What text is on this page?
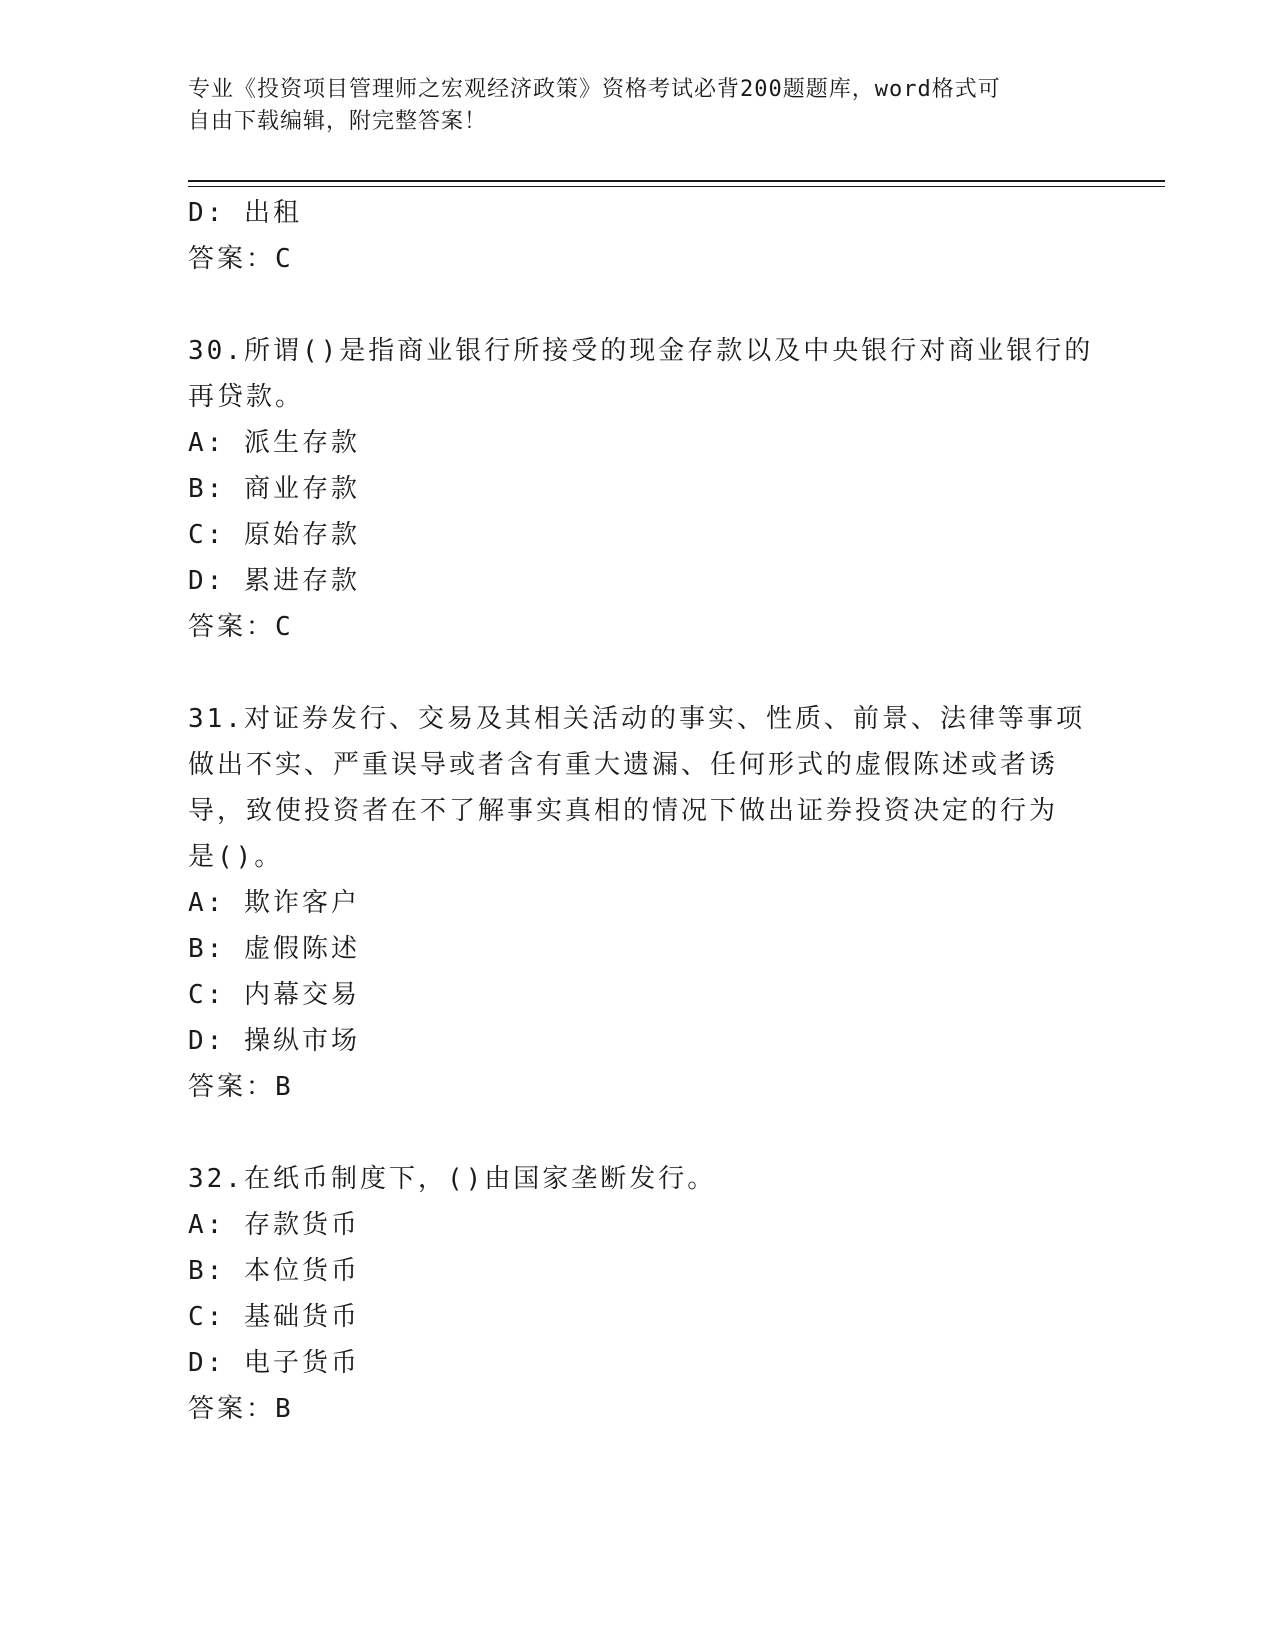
专业《投资项目管理师之宏观经济政策》资格考试必背200题题库，word格式可
自由下载编辑，附完整答案！
D: 出租
答案：C
30.所谓()是指商业银行所接受的现金存款以及中央银行对商业银行的
再贷款。
A: 派生存款
B: 商业存款
C: 原始存款
D: 累进存款
答案：C
31.对证券发行、交易及其相关活动的事实、性质、前景、法律等事项
做出不实、严重误导或者含有重大遗漏、任何形式的虚假陈述或者诱
导，致使投资者在不了解事实真相的情况下做出证券投资决定的行为
是()。
A: 欺诈客户
B: 虚假陈述
C: 内幕交易
D: 操纵市场
答案：B
32.在纸币制度下，()由国家垄断发行。
A: 存款货币
B: 本位货币
C: 基础货币
D: 电子货币
答案：B
